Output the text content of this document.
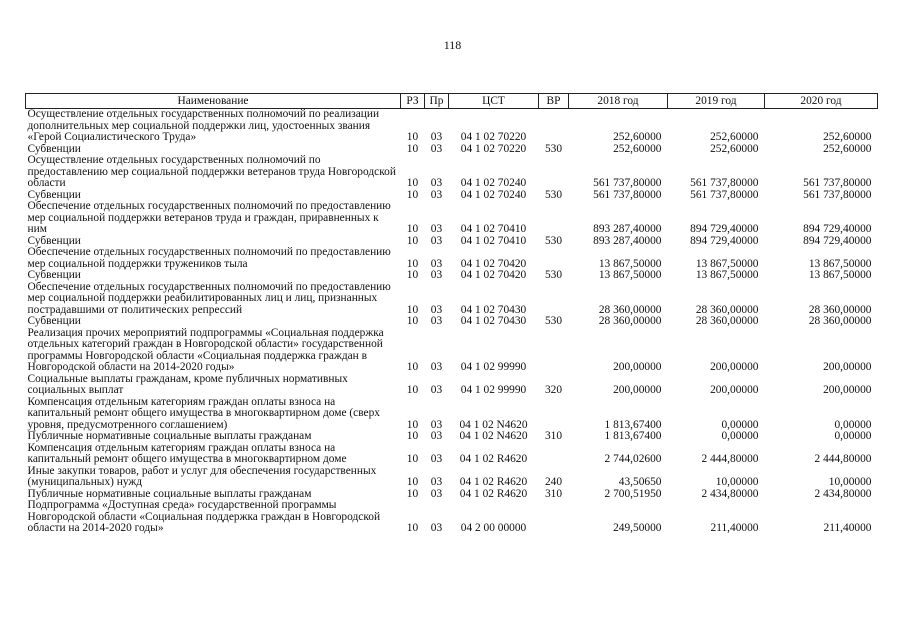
118
Наименование	РЗ	Пр	ЦСТ	ВР	2018 год	2019 год	2020 год
Осуществление отдельных государственных полномочий по реализации дополнительных мер социальной поддержки лиц, удостоенных звания «Герой Социалистического Труда»	10	03	04 1 02 70220		252,60000	252,60000	252,60000
Субвенции	10	03	04 1 02 70220	530	252,60000	252,60000	252,60000
Осуществление отдельных государственных полномочий по предоставлению мер социальной поддержки ветеранов труда Новгородской области	10	03	04 1 02 70240		561 737,80000	561 737,80000	561 737,80000
Субвенции	10	03	04 1 02 70240	530	561 737,80000	561 737,80000	561 737,80000
Обеспечение отдельных государственных полномочий по предоставлению мер социальной поддержки ветеранов труда и граждан, приравненных к ним	10	03	04 1 02 70410		893 287,40000	894 729,40000	894 729,40000
Субвенции	10	03	04 1 02 70410	530	893 287,40000	894 729,40000	894 729,40000
Обеспечение отдельных государственных полномочий по предоставлению мер социальной поддержки тружеников тыла	10	03	04 1 02 70420		13 867,50000	13 867,50000	13 867,50000
Субвенции	10	03	04 1 02 70420	530	13 867,50000	13 867,50000	13 867,50000
Обеспечение отдельных государственных полномочий по предоставлению мер социальной поддержки реабилитированных лиц и лиц, признанных пострадавшими от политических репрессий	10	03	04 1 02 70430		28 360,00000	28 360,00000	28 360,00000
Субвенции	10	03	04 1 02 70430	530	28 360,00000	28 360,00000	28 360,00000
Реализация прочих мероприятий подпрограммы «Социальная поддержка отдельных категорий граждан в Новгородской области» государственной программы Новгородской области «Социальная поддержка граждан в Новгородской области на 2014-2020 годы»	10	03	04 1 02 99990		200,00000	200,00000	200,00000
Социальные выплаты гражданам, кроме публичных нормативных социальных выплат	10	03	04 1 02 99990	320	200,00000	200,00000	200,00000
Компенсация отдельным категориям граждан оплаты взноса на капитальный ремонт общего имущества в многоквартирном доме (сверх уровня, предусмотренного соглашением)	10	03	04 1 02 N4620		1 813,67400	0,00000	0,00000
Публичные нормативные социальные выплаты гражданам	10	03	04 1 02 N4620	310	1 813,67400	0,00000	0,00000
Компенсация отдельным категориям граждан оплаты взноса на капитальный ремонт общего имущества в многоквартирном доме	10	03	04 1 02 R4620		2 744,02600	2 444,80000	2 444,80000
Иные закупки товаров, работ и услуг для обеспечения государственных (муниципальных) нужд	10	03	04 1 02 R4620	240	43,50650	10,00000	10,00000
Публичные нормативные социальные выплаты гражданам	10	03	04 1 02 R4620	310	2 700,51950	2 434,80000	2 434,80000
Подпрограмма «Доступная среда» государственной программы Новгородской области «Социальная поддержка граждан в Новгородской области на 2014-2020 годы»	10	03	04 2 00 00000		249,50000	211,40000	211,40000
